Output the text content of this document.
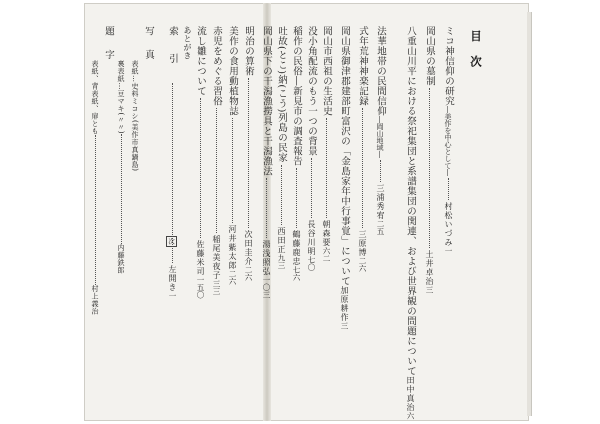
目次
ミコ神信仰の研究―美作を中心として―村松いづみ一
岡山県の墓制土井卓治三
八重山川平における祭祀集団と系譜集団の関連、および世界観の問題について田中真治六
法華地帯の民間信仰―岡山地域―三浦秀宥二五
式年荒神神楽記録三原博二六
岡山県御津郡建部町富沢の「金島家年中行事覚」について加原耕作三
岡山市西祖の生活史朝森要六二
没小角配流のもう一つの背景長谷川明七〇
稲作の民俗―新見市の調査報告鶴藤鹿忠七六
吐故(とこ)納(こう)列島の民家西田正九三
岡山県下の干潟漁撈具と干潟漁法湯浅照弘一〇三
明治の算術次田圭介二六
美作の食用動植物誌河井紫太郎二六
赤児をめぐる習俗稲尾美夜子三三
流し雛について佐藤米司一五〇
あとがき
索引左開き一
写真
表紙…史料ミコシ(美作市真鍋島)
裏表紙…豆マキ(〃〃)内藤鉄郎
題字
表紙、背表紙、扉とも村上義治
次
